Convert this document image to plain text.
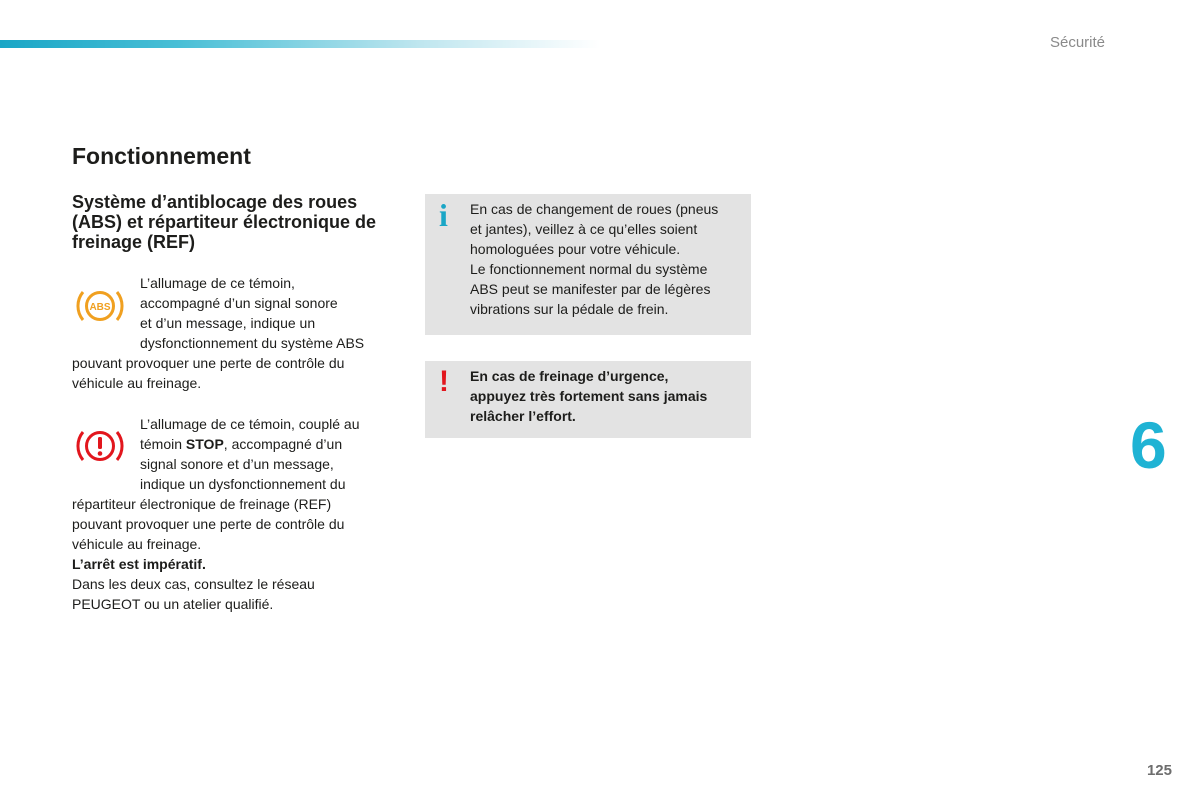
Sécurité
Fonctionnement
Système d’antiblocage des roues (ABS) et répartiteur électronique de freinage (REF)
ABS
L’allumage de ce témoin,
accompagné d’un signal sonore
et d’un message, indique un
dysfonctionnement du système ABS
pouvant provoquer une perte de contrôle du
véhicule au freinage.
L’allumage de ce témoin, couplé au
témoin STOP, accompagné d’un
signal sonore et d’un message,
indique un dysfonctionnement du
répartiteur électronique de freinage (REF)
pouvant provoquer une perte de contrôle du
véhicule au freinage.
L’arrêt est impératif.
Dans les deux cas, consultez le réseau
PEUGEOT ou un atelier qualifié.
i En cas de changement de roues (pneus
et jantes), veillez à ce qu’elles soient
homologuées pour votre véhicule.
Le fonctionnement normal du système
ABS peut se manifester par de légères
vibrations sur la pédale de frein.

! En cas de freinage d’urgence,
appuyez très fortement sans jamais
relâcher l’effort.	6
125
